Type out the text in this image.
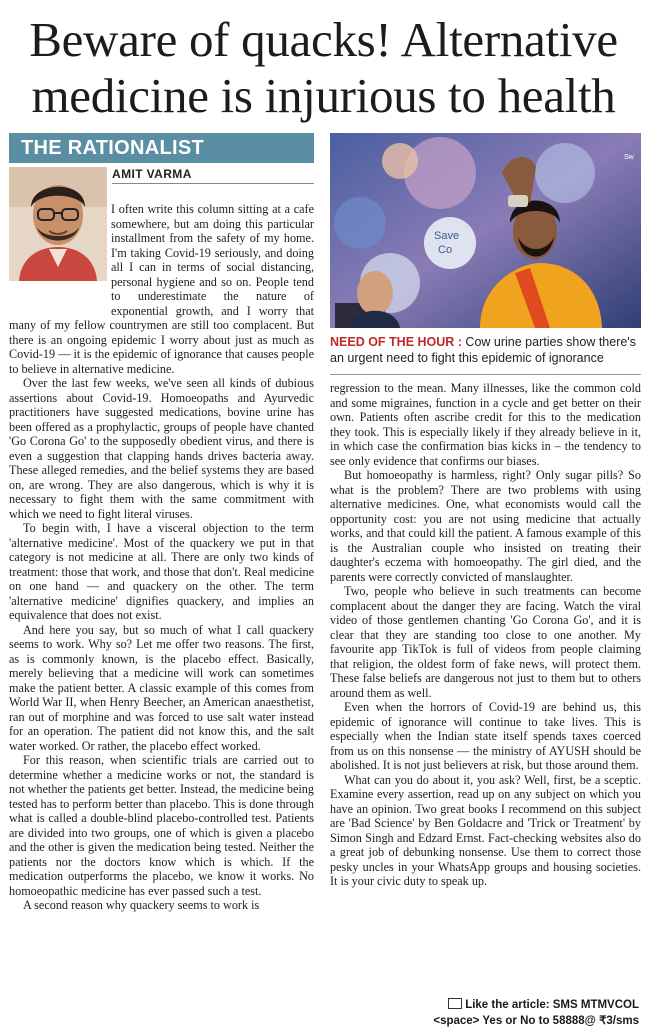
Beware of quacks! Alternative
medicine is injurious to health
THE RATIONALIST
AMIT VARMA

I often write this column sitting at a cafe somewhere, but am doing this particular installment from the safety of my home. I'm taking Covid-19 seriously, and doing all I can in terms of social distancing, personal hygiene and so on. People tend to underestimate the nature of exponential growth, and I worry that many of my fellow countrymen are still too complacent. But there is an ongoing epidemic I worry about just as much as Covid-19 — it is the epidemic of ignorance that causes people to believe in alternative medicine.

Over the last few weeks, we've seen all kinds of dubious assertions about Covid-19. Homoeopaths and Ayurvedic practitioners have suggested medications, bovine urine has been offered as a prophylactic, groups of people have chanted 'Go Corona Go' to the supposedly obedient virus, and there is even a suggestion that clapping hands drives bacteria away. These alleged remedies, and the belief systems they are based on, are wrong. They are also dangerous, which is why it is necessary to fight them with the same commitment with which we need to fight literal viruses.

To begin with, I have a visceral objection to the term 'alternative medicine'. Most of the quackery we put in that category is not medicine at all. There are only two kinds of treatment: those that work, and those that don't. Real medicine on one hand — and quackery on the other. The term 'alternative medicine' dignifies quackery, and implies an equivalence that does not exist.

And here you say, but so much of what I call quackery seems to work. Why so? Let me offer two reasons. The first, as is commonly known, is the placebo effect. Basically, merely believing that a medicine will work can sometimes make the patient better. A classic example of this comes from World War II, when Henry Beecher, an American anaesthetist, ran out of morphine and was forced to use salt water instead for an operation. The patient did not know this, and the salt water worked. Or rather, the placebo effect worked.

For this reason, when scientific trials are carried out to determine whether a medicine works or not, the standard is not whether the patients get better. Instead, the medicine being tested has to perform better than placebo. This is done through what is called a double-blind placebo-controlled test. Patients are divided into two groups, one of which is given a placebo and the other is given the medication being tested. Neither the patients nor the doctors know which is which. If the medication outperforms the placebo, we know it works. No homoeopathic medicine has ever passed such a test.

A second reason why quackery seems to work is

Save
Co
Sw
NEED OF THE HOUR : Cow urine parties show there's an urgent need to fight this epidemic of ignorance

regression to the mean. Many illnesses, like the common cold and some migraines, function in a cycle and get better on their own. Patients often ascribe credit for this to the medication they took. This is especially likely if they already believe in it, in which case the confirmation bias kicks in – the tendency to see only evidence that confirms our biases.

But homoeopathy is harmless, right? Only sugar pills? So what is the problem? There are two problems with using alternative medicines. One, what economists would call the opportunity cost: you are not using medicine that actually works, and that could kill the patient. A famous example of this is the Australian couple who insisted on treating their daughter's eczema with homoeopathy. The girl died, and the parents were correctly convicted of manslaughter.

Two, people who believe in such treatments can become complacent about the danger they are facing. Watch the viral video of those gentlemen chanting 'Go Corona Go', and it is clear that they are standing too close to one another. My favourite app TikTok is full of videos from people claiming that religion, the oldest form of fake news, will protect them. These false beliefs are dangerous not just to them but to others around them as well.

Even when the horrors of Covid-19 are behind us, this epidemic of ignorance will continue to take lives. This is especially when the Indian state itself spends taxes coerced from us on this nonsense — the ministry of AYUSH should be abolished. It is not just believers at risk, but those around them.

What can you do about it, you ask? Well, first, be a sceptic. Examine every assertion, read up on any subject on which you have an opinion. Two great books I recommend on this subject are 'Bad Science' by Ben Goldacre and 'Trick or Treatment' by Simon Singh and Edzard Ernst. Fact-checking websites also do a great job of debunking nonsense. Use them to correct those pesky uncles in your WhatsApp groups and housing societies. It is your civic duty to speak up.

Like the article: SMS MTMVCOL
<space> Yes or No to 58888@ ₹3/sms
